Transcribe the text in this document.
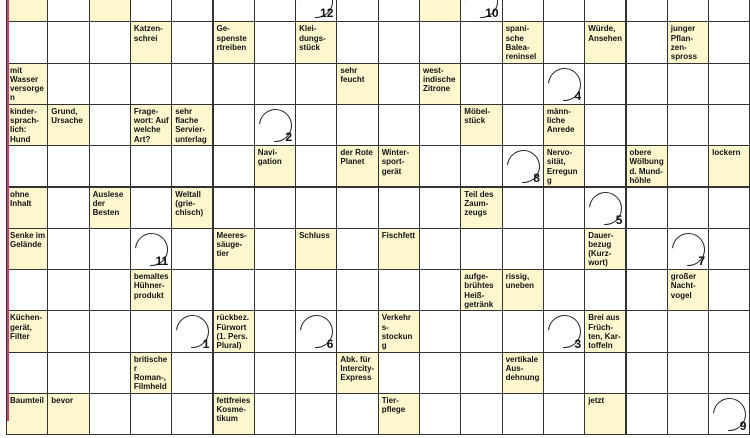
12	10
Katzenschrei
Gespenstertreiben
Kleidungsstück
spanische Baleareninsel
Würde, Ansehen
junger Pflanzenspross
mit Wasser versorgen
sehr feucht
westindische Zitrone
4
kindersprachlich: Hund
Grund, Ursache
Fragewort: Auf welche Art?
sehr flache Servierunterlag	2
Möbelstück
männliche Anrede
Navigation
der Rote Planet
Wintersportgerät
8
Nervosität, Erregung
obere Wölbung d. Mundhöhle
lockern
ohne Inhalt
Auslese der Besten
Weltall (griechisch)
Teil des Zaumzeugs
5
Senke im Gelände
11
Meeressäugetier
Schluss	Fischfett	Dauerbezug (Kurzwort)	7
bemaltes Hühnerprodukt
aufgebrühtes Heißgetränk
rissig, uneben
großer Nachtvogel
Küchengerät, Filter
1
rückbez. Fürwort (1. Pers. Plural)	6
Verkehrsstockung	3
Brei aus Früchten, Kartoffeln
britischer Roman-, Filmheld
Abk. für Intercity-Express
vertikale Ausdehnung
Baumteil bevor	fettfreies Kosmetikum
Tierpflege
jetzt
9
